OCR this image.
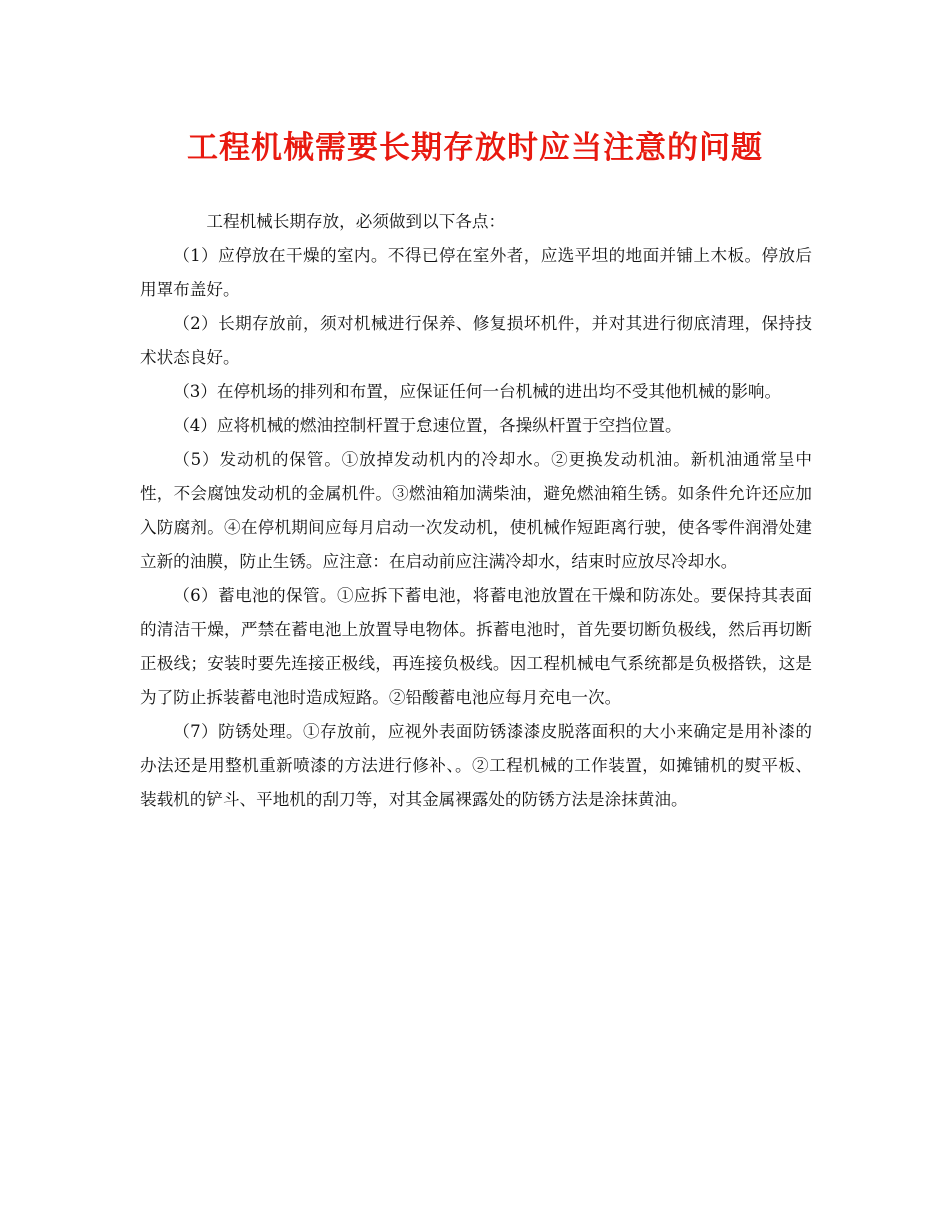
工程机械需要长期存放时应当注意的问题

工程机械长期存放，必须做到以下各点：

（1）应停放在干燥的室内。不得已停在室外者，应选平坦的地面并铺上木板。停放后用罩布盖好。

（2）长期存放前，须对机械进行保养、修复损坏机件，并对其进行彻底清理，保持技术状态良好。

（3）在停机场的排列和布置，应保证任何一台机械的进出均不受其他机械的影响。

（4）应将机械的燃油控制杆置于怠速位置，各操纵杆置于空挡位置。

（5）发动机的保管。①放掉发动机内的冷却水。②更换发动机油。新机油通常呈中性，不会腐蚀发动机的金属机件。③燃油箱加满柴油，避免燃油箱生锈。如条件允许还应加入防腐剂。④在停机期间应每月启动一次发动机，使机械作短距离行驶，使各零件润滑处建立新的油膜，防止生锈。应注意：在启动前应注满冷却水，结束时应放尽冷却水。

（6）蓄电池的保管。①应拆下蓄电池，将蓄电池放置在干燥和防冻处。要保持其表面的清洁干燥，严禁在蓄电池上放置导电物体。拆蓄电池时，首先要切断负极线，然后再切断正极线；安装时要先连接正极线，再连接负极线。因工程机械电气系统都是负极搭铁，这是为了防止拆装蓄电池时造成短路。②铅酸蓄电池应每月充电一次。

（7）防锈处理。①存放前，应视外表面防锈漆漆皮脱落面积的大小来确定是用补漆的办法还是用整机重新喷漆的方法进行修补、。②工程机械的工作装置，如摊铺机的熨平板、装载机的铲斗、平地机的刮刀等，对其金属裸露处的防锈方法是涂抹黄油。
